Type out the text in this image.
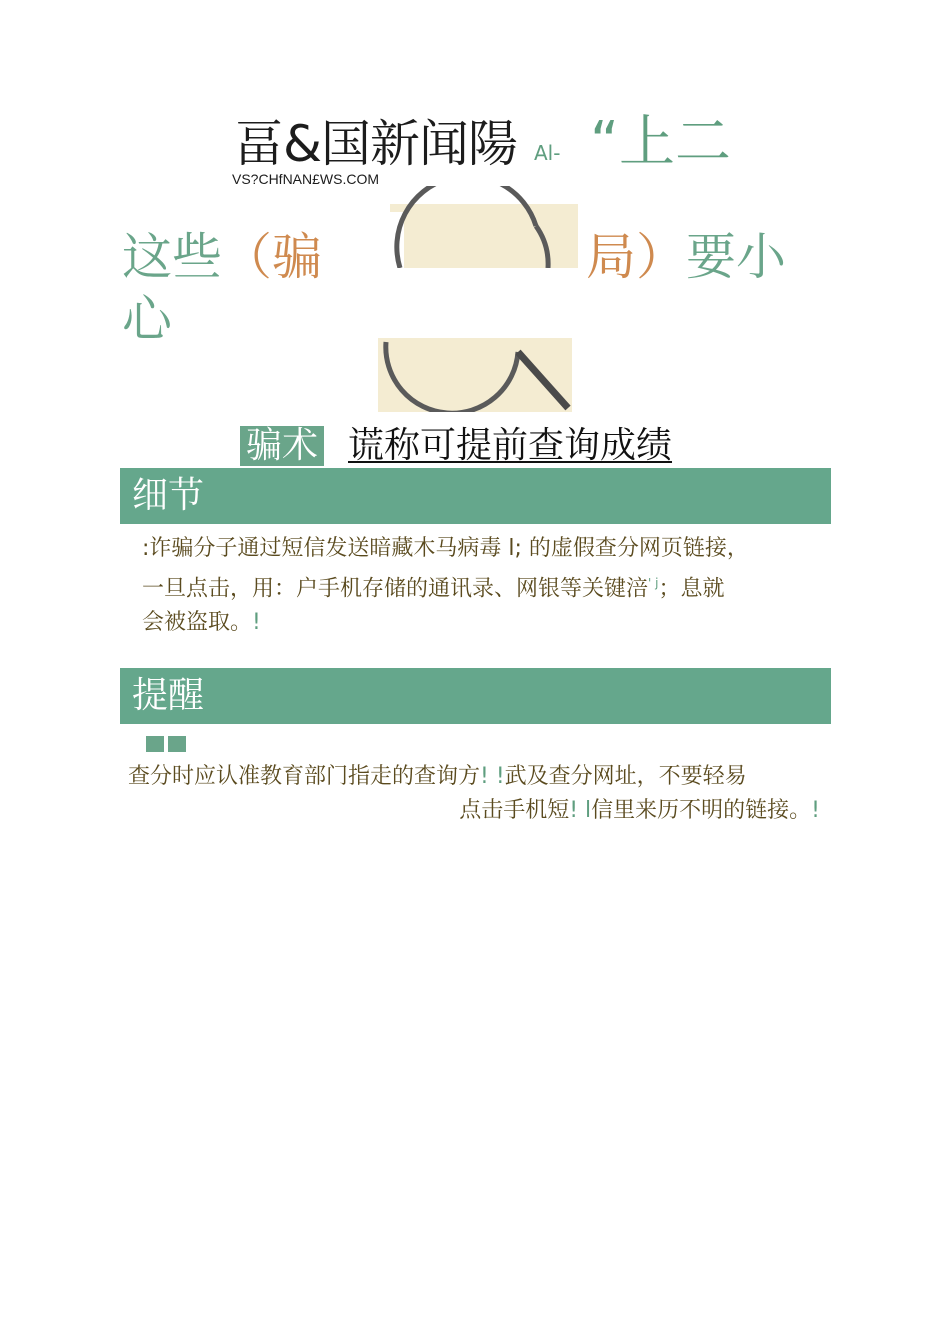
畐&国新闻陽 Al- “上二
VS?CHfNAN£WS.COM
这些（骗	局）要小
心
骗术 谎称可提前查询成绩
细节
:诈骗分子通过短信发送暗藏木马病毒 l; 的虚假查分网页链接，
一旦点击，用：户手机存储的通讯录、网银等关键涪$^{' j}$；息就
会被盗取。!
提醒
查分时应认准教育部门指走的查询方! !武及查分网址，不要轻易
点击手机短! l信里来历不明的链接。!
